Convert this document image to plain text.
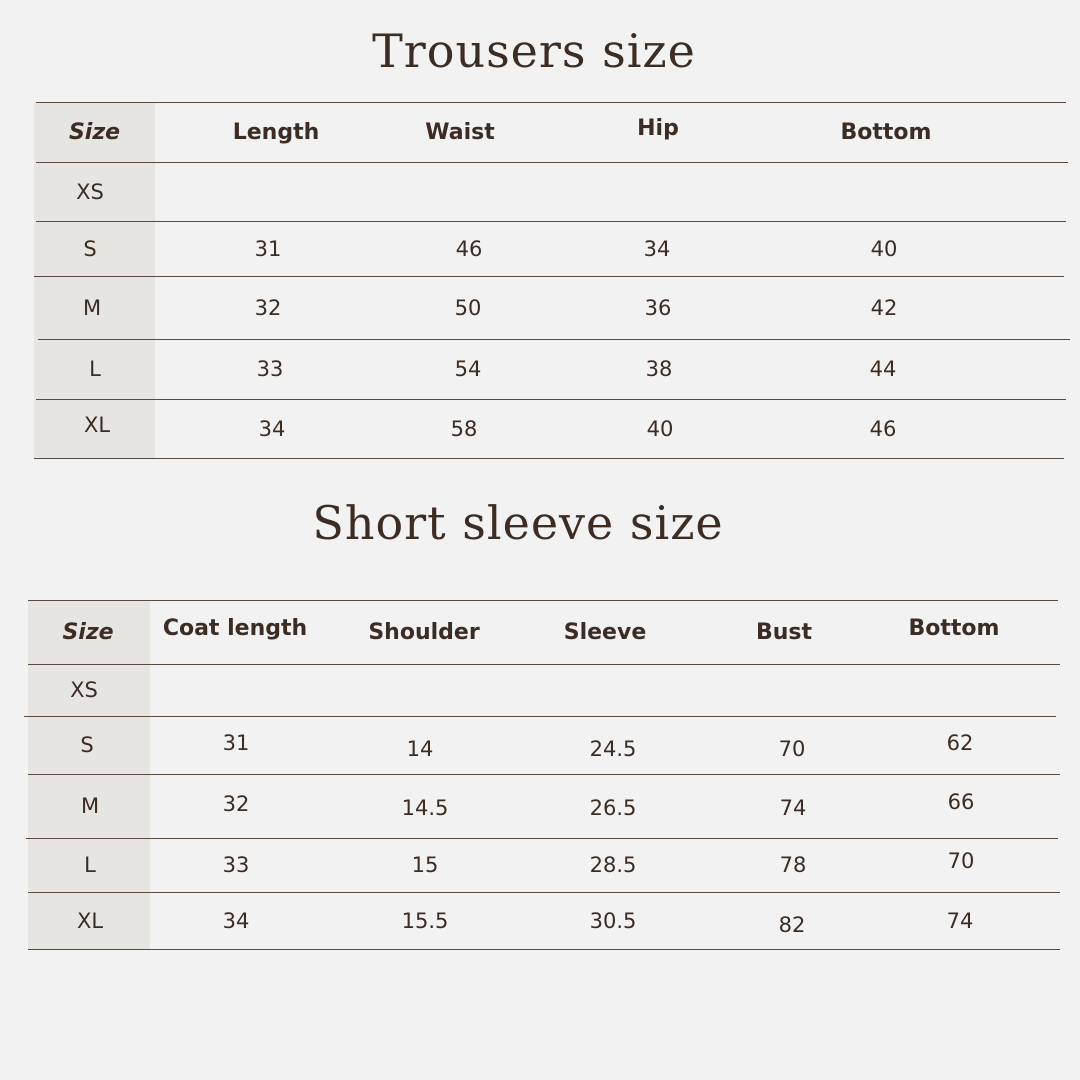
Trousers size
Size	Length	Waist	Hip	Bottom
XS
S	31	46	34	40
M	32	50	36	42
L	33	54	38	44
XL	34	58	40	46
Short sleeve size
Size	Coat length	Shoulder	Sleeve	Bust	Bottom
XS
S	31	14	24.5	70	62
M	32	14.5	26.5	74	66
L	33	15	28.5	78	70
XL	34	15.5	30.5	82	74
